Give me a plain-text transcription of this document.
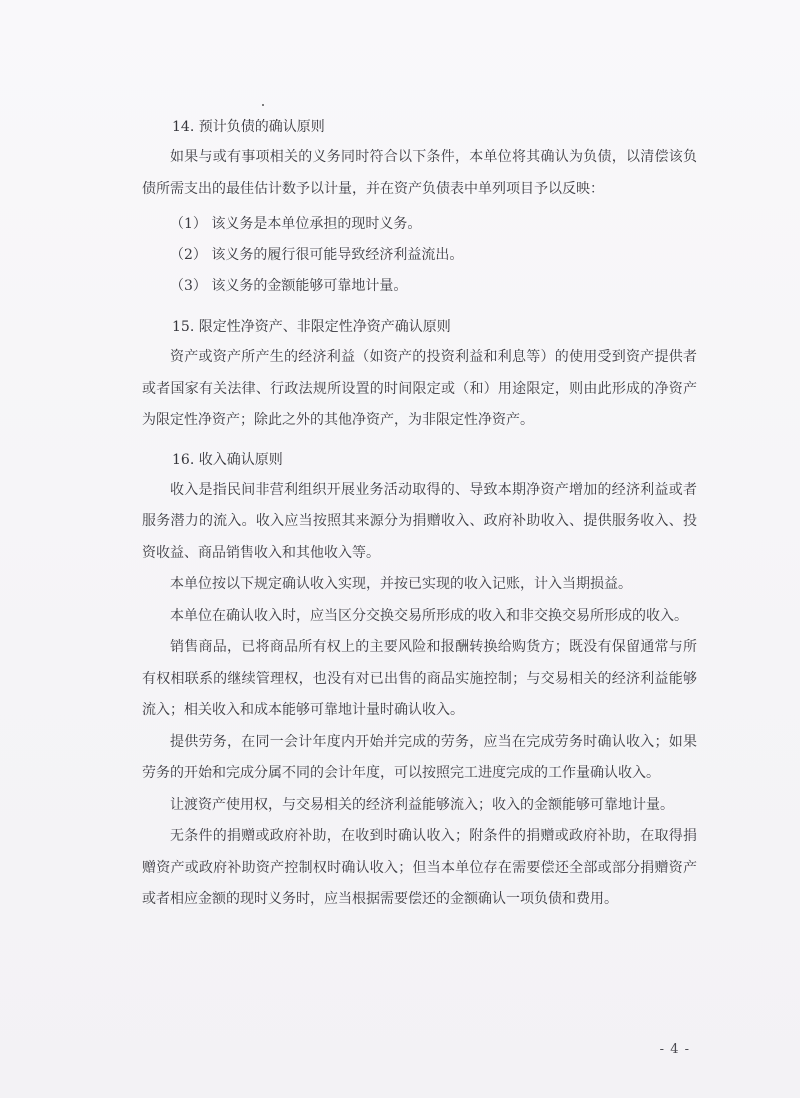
14. 预计负债的确认原则

如果与或有事项相关的义务同时符合以下条件，本单位将其确认为负债，以清偿该负债所需支出的最佳估计数予以计量，并在资产负债表中单列项目予以反映：

（1） 该义务是本单位承担的现时义务。
（2） 该义务的履行很可能导致经济利益流出。
（3） 该义务的金额能够可靠地计量。
15. 限定性净资产、非限定性净资产确认原则

资产或资产所产生的经济利益（如资产的投资利益和利息等）的使用受到资产提供者或者国家有关法律、行政法规所设置的时间限定或（和）用途限定，则由此形成的净资产为限定性净资产；除此之外的其他净资产，为非限定性净资产。

16. 收入确认原则

收入是指民间非营利组织开展业务活动取得的、导致本期净资产增加的经济利益或者服务潜力的流入。收入应当按照其来源分为捐赠收入、政府补助收入、提供服务收入、投资收益、商品销售收入和其他收入等。

本单位按以下规定确认收入实现，并按已实现的收入记账，计入当期损益。

本单位在确认收入时，应当区分交换交易所形成的收入和非交换交易所形成的收入。

销售商品，已将商品所有权上的主要风险和报酬转换给购货方；既没有保留通常与所有权相联系的继续管理权，也没有对已出售的商品实施控制；与交易相关的经济利益能够流入；相关收入和成本能够可靠地计量时确认收入。

提供劳务，在同一会计年度内开始并完成的劳务，应当在完成劳务时确认收入；如果劳务的开始和完成分属不同的会计年度，可以按照完工进度完成的工作量确认收入。

让渡资产使用权，与交易相关的经济利益能够流入；收入的金额能够可靠地计量。

无条件的捐赠或政府补助，在收到时确认收入；附条件的捐赠或政府补助，在取得捐赠资产或政府补助资产控制权时确认收入；但当本单位存在需要偿还全部或部分捐赠资产或者相应金额的现时义务时，应当根据需要偿还的金额确认一项负债和费用。

- 4 -
